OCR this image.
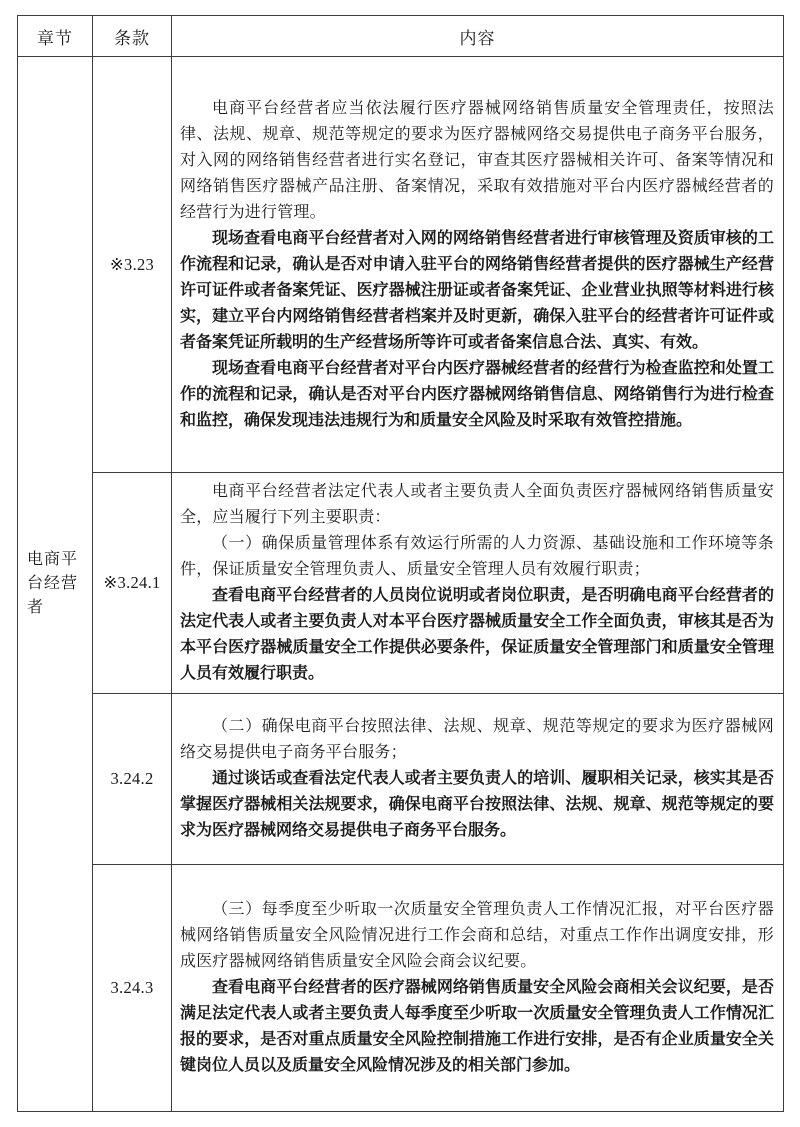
章节	条款	内容
电商平台经营者	※3.23	电商平台经营者应当依法履行医疗器械网络销售质量安全管理责任，按照法律、法规、规章、规范等规定的要求为医疗器械网络交易提供电子商务平台服务，对入网的网络销售经营者进行实名登记，审查其医疗器械相关许可、备案等情况和网络销售医疗器械产品注册、备案情况，采取有效措施对平台内医疗器械经营者的经营行为进行管理。

现场查看电商平台经营者对入网的网络销售经营者进行审核管理及资质审核的工作流程和记录，确认是否对申请入驻平台的网络销售经营者提供的医疗器械生产经营许可证件或者备案凭证、医疗器械注册证或者备案凭证、企业营业执照等材料进行核实，建立平台内网络销售经营者档案并及时更新，确保入驻平台的经营者许可证件或者备案凭证所载明的生产经营场所等许可或者备案信息合法、真实、有效。

现场查看电商平台经营者对平台内医疗器械经营者的经营行为检查监控和处置工作的流程和记录，确认是否对平台内医疗器械网络销售信息、网络销售行为进行检查和监控，确保发现违法违规行为和质量安全风险及时采取有效管控措施。

	※3.24.1	电商平台经营者法定代表人或者主要负责人全面负责医疗器械网络销售质量安全，应当履行下列主要职责：

（一）确保质量管理体系有效运行所需的人力资源、基础设施和工作环境等条件，保证质量安全管理负责人、质量安全管理人员有效履行职责；

查看电商平台经营者的人员岗位说明或者岗位职责，是否明确电商平台经营者的法定代表人或者主要负责人对本平台医疗器械质量安全工作全面负责，审核其是否为本平台医疗器械质量安全工作提供必要条件，保证质量安全管理部门和质量安全管理人员有效履行职责。

	3.24.2	（二）确保电商平台按照法律、法规、规章、规范等规定的要求为医疗器械网络交易提供电子商务平台服务；

通过谈话或查看法定代表人或者主要负责人的培训、履职相关记录，核实其是否掌握医疗器械相关法规要求，确保电商平台按照法律、法规、规章、规范等规定的要求为医疗器械网络交易提供电子商务平台服务。

	3.24.3	（三）每季度至少听取一次质量安全管理负责人工作情况汇报，对平台医疗器械网络销售质量安全风险情况进行工作会商和总结，对重点工作作出调度安排，形成医疗器械网络销售质量安全风险会商会议纪要。

查看电商平台经营者的医疗器械网络销售质量安全风险会商相关会议纪要，是否满足法定代表人或者主要负责人每季度至少听取一次质量安全管理负责人工作情况汇报的要求，是否对重点质量安全风险控制措施工作进行安排，是否有企业质量安全关键岗位人员以及质量安全风险情况涉及的相关部门参加。
